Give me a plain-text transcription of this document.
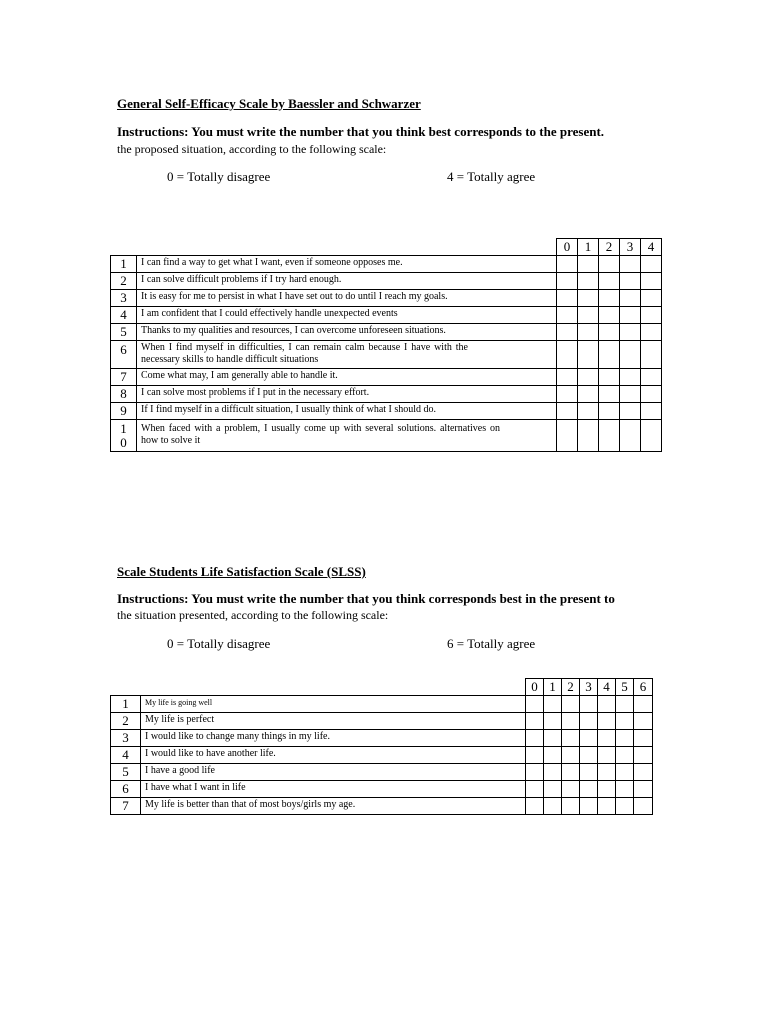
General Self-Efficacy Scale by Baessler and Schwarzer
Instructions: You must write the number that you think best corresponds to the present.
the proposed situation, according to the following scale:
0 = Totally disagree	4 = Totally agree
		0	1	2	3	4
1	I can find a way to get what I want, even if someone opposes me.					
2	I can solve difficult problems if I try hard enough.					
3	It is easy for me to persist in what I have set out to do until I reach my goals.					
4	I am confident that I could effectively handle unexpected events					
5	Thanks to my qualities and resources, I can overcome unforeseen situations.					
6	When I find myself in difficulties, I can remain calm because I have with the necessary skills to handle difficult situations					
7	Come what may, I am generally able to handle it.					
8	I can solve most problems if I put in the necessary effort.					
9	If I find myself in a difficult situation, I usually think of what I should do.					
1 0	When faced with a problem, I usually come up with several solutions. alternatives on how to solve it					
Scale Students Life Satisfaction Scale (SLSS)
Instructions: You must write the number that you think corresponds best in the present to
the situation presented, according to the following scale:
0 = Totally disagree	6 = Totally agree
		0	1	2	3	4	5	6
1	My life is going well							
2	My life is perfect							
3	I would like to change many things in my life.							
4	I would like to have another life.							
5	I have a good life							
6	I have what I want in life							
7	My life is better than that of most boys/girls my age.							
